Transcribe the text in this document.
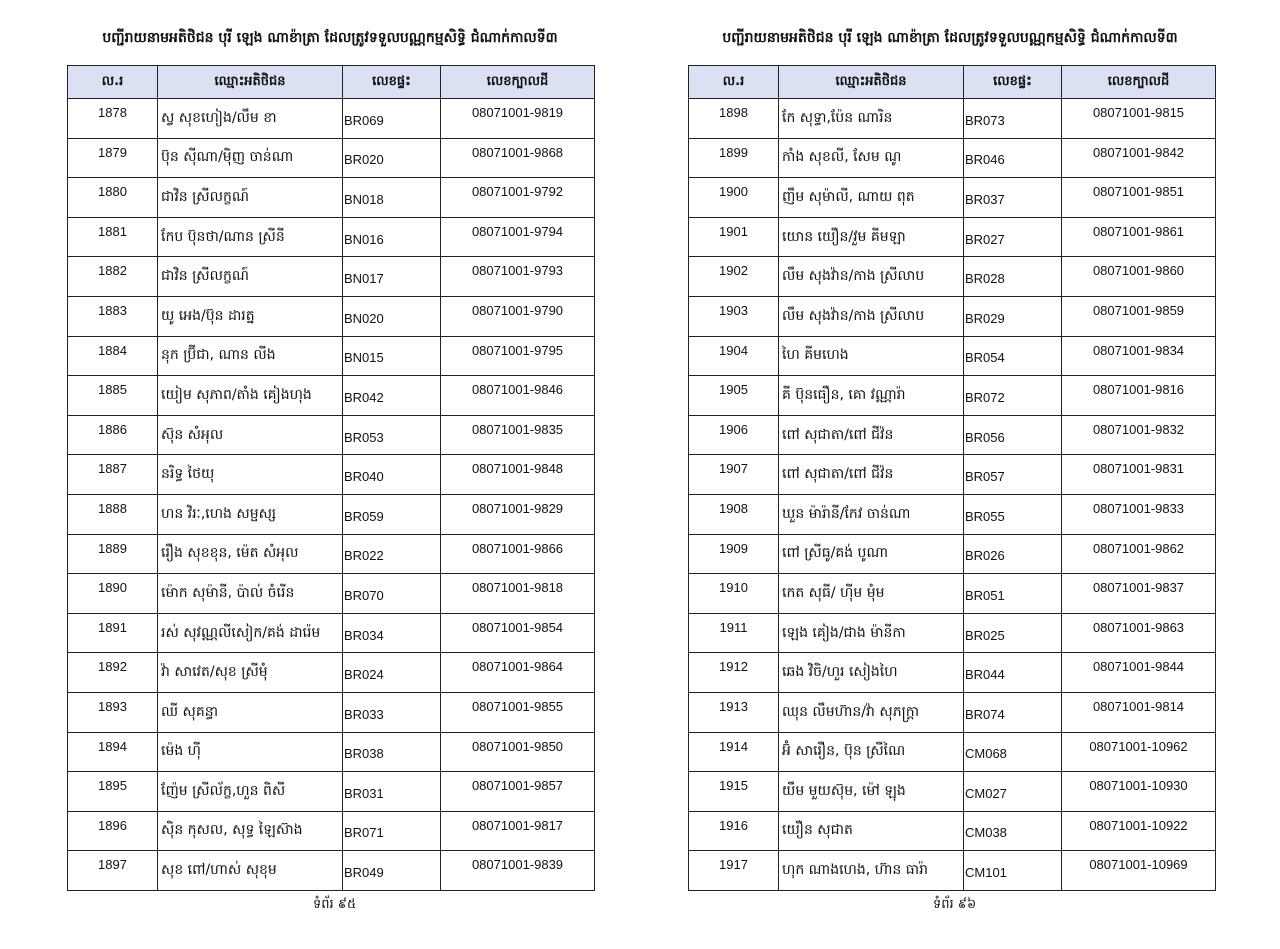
បញ្ជីរាយនាមអតិថិជន បុរី ឡេង ណាខ៉ាត្រា ដែលត្រូវទទួលបណ្ណកម្មសិទ្ធិ ជំណាក់កាលទី៣
ល.រ	ឈ្មោះអតិថិជន	លេខផ្ទះ	លេខក្បាលដី
1878	ស្វ សុខហៀង/លឹម ខា	BR069	08071001-9819
1879	ប៊ុន ស៊ីណា/ម៉ិញ ចាន់ណា	BR020	08071001-9868
1880	ជាវិន ស្រីលក្ខណ៍	BN018	08071001-9792
1881	កែប ប៊ុនថា/ណាន ស្រីនី	BN016	08071001-9794
1882	ជាវិន ស្រីលក្ខណ៍	BN017	08071001-9793
1883	យូ អេង/ប៊ុន ដារត្ន	BN020	08071001-9790
1884	នុក ប្រ៊ីជា, ណាន លីង	BN015	08071001-9795
1885	យៀម សុភាព/តាំង គៀងហុង	BR042	08071001-9846
1886	ស៊ុន សំអុល	BR053	08071001-9835
1887	នរិទ្ធ ថៃយុ	BR040	08071001-9848
1888	ហន វិរៈ,ហេង សម្ផស្ស	BR059	08071001-9829
1889	រឿង សុខខុន, ម៉េត សំអុល	BR022	08071001-9866
1890	ម៉ោក សុម៉ានី, ប៉ាល់ ចំរើន	BR070	08071001-9818
1891	រស់ សុវណ្ណលីសៀក/គង់ ដារ៉េម	BR034	08071001-9854
1892	វ៉ា សាវេត/សុខ ស្រីមុំ	BR024	08071001-9864
1893	ឈី សុគន្ធា	BR033	08071001-9855
1894	ម៉េង ហ៊ី	BR038	08071001-9850
1895	ញ៉ែម ស្រីល័ក្ខ,ហួន ពិសី	BR031	08071001-9857
1896	ស៊ិន កុសល, សុទ្ធ ឡៃស៊ាង	BR071	08071001-9817
1897	សុខ ពៅ/ហាស់ សុខុម	BR049	08071001-9839
ទំព័រ ៩៥
បញ្ជីរាយនាមអតិថិជន បុរី ឡេង ណាខ៉ាត្រា ដែលត្រូវទទួលបណ្ណកម្មសិទ្ធិ ជំណាក់កាលទី៣
ល.រ	ឈ្មោះអតិថិជន	លេខផ្ទះ	លេខក្បាលដី
1898	កែ សុទ្ធា,ប៉ែន ណារិន	BR073	08071001-9815
1899	កាំង សុខលី, សែម ណូ	BR046	08071001-9842
1900	ញឹម សុម៉ាលី, ណាយ ពុត	BR037	08071001-9851
1901	យោន យឿន/វួម គីមឡា	BR027	08071001-9861
1902	លឹម សុងវ៉ាន/កាង ស្រីលាប	BR028	08071001-9860
1903	លឹម សុងវ៉ាន/កាង ស្រីលាប	BR029	08071001-9859
1904	ហៃ គីមហេង	BR054	08071001-9834
1905	គី ប៊ុនធឿន, គោ វណ្ណារ៉ា	BR072	08071001-9816
1906	ពៅ សុជាតា/ពៅ ជីវ៉ន	BR056	08071001-9832
1907	ពៅ សុជាតា/ពៅ ជីវ៉ន	BR057	08071001-9831
1908	ឃួន ម៉ារ៉ានី/កែវ ចាន់ណា	BR055	08071001-9833
1909	ពៅ ស្រីធូ/គង់ បូណា	BR026	08071001-9862
1910	កេត សុធី/ ហ៊ីម មុំម	BR051	08071001-9837
1911	ឡេង គៀង/ជាង ម៉ានីកា	BR025	08071001-9863
1912	ឆេង វិចិ/ហួរ សៀងហៃ	BR044	08071001-9844
1913	ឈុន លឹមហ៊ាន/វ៉ា សុភក្ត្រា	BR074	08071001-9814
1914	អ៊ំ សារឿន, ប៊ុន ស្រីណៃ	CM068	08071001-10962
1915	យឹម មួយស៊ុម, ម៉ៅ ឡុង	CM027	08071001-10930
1916	យឿន សុជាត	CM038	08071001-10922
1917	ហុក ណាងហេង, ហ៊ាន ធារ៉ា	CM101	08071001-10969
ទំព័រ ៩៦
